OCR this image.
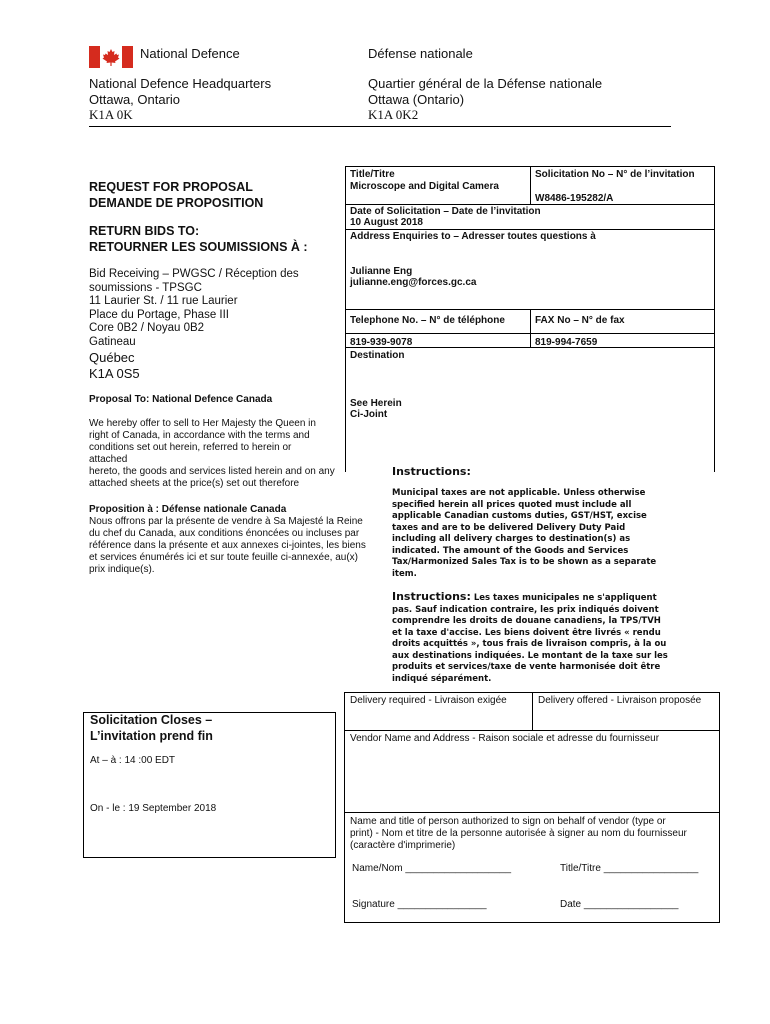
National Defence	Défense nationale
National Defence Headquarters
Ottawa, Ontario
K1A 0K
Quartier général de la Défense nationale
Ottawa (Ontario)
K1A 0K2
REQUEST FOR PROPOSAL
DEMANDE DE PROPOSITION
RETURN BIDS TO:
RETOURNER LES SOUMISSIONS À :
Bid Receiving – PWGSC / Réception des
soumissions - TPSGC
11 Laurier St. / 11 rue Laurier
Place du Portage, Phase III
Core 0B2 / Noyau 0B2
Gatineau
Québec
K1A 0S5
Proposal To: National Defence Canada
We hereby offer to sell to Her Majesty the Queen in
right of Canada, in accordance with the terms and
conditions set out herein, referred to herein or
attached
hereto, the goods and services listed herein and on any
attached sheets at the price(s) set out therefore
Proposition à : Défense nationale Canada
Nous offrons par la présente de vendre à Sa Majesté la Reine
du chef du Canada, aux conditions énoncées ou incluses par
référence dans la présente et aux annexes ci-jointes, les biens
et services énumérés ici et sur toute feuille ci-annexée, au(x)
prix indique(s).
Title/Titre
Microscope and Digital Camera
Solicitation No – N° de l’invitation
W8486-195282/A
Date of Solicitation – Date de l’invitation
10 August 2018
Address Enquiries to – Adresser toutes questions à
Julianne Eng
julianne.eng@forces.gc.ca
Telephone No. – N° de téléphone	FAX No – N° de fax
819-939-9078	819-994-7659
Destination
See Herein
Ci-Joint
Instructions:
Municipal taxes are not applicable. Unless otherwise
specified herein all prices quoted must include all
applicable Canadian customs duties, GST/HST, excise
taxes and are to be delivered Delivery Duty Paid
including all delivery charges to destination(s) as
indicated. The amount of the Goods and Services
Tax/Harmonized Sales Tax is to be shown as a separate
item.
Instructions: Les taxes municipales ne s'appliquent
pas. Sauf indication contraire, les prix indiqués doivent
comprendre les droits de douane canadiens, la TPS/TVH
et la taxe d'accise. Les biens doivent être livrés « rendu
droits acquittés », tous frais de livraison compris, à la ou
aux destinations indiquées. Le montant de la taxe sur les
produits et services/taxe de vente harmonisée doit être
indiqué séparément.
Solicitation Closes –
L’invitation prend fin
At – à : 14 :00 EDT
On - le : 19 September 2018
Delivery required - Livraison exigée	Delivery offered - Livraison proposée
Vendor Name and Address - Raison sociale et adresse du fournisseur
Name and title of person authorized to sign on behalf of vendor (type or
print) - Nom et titre de la personne autorisée à signer au nom du fournisseur
(caractère d'imprimerie)
Name/Nom ___________________	Title/Titre _________________
Signature ________________	Date _________________
